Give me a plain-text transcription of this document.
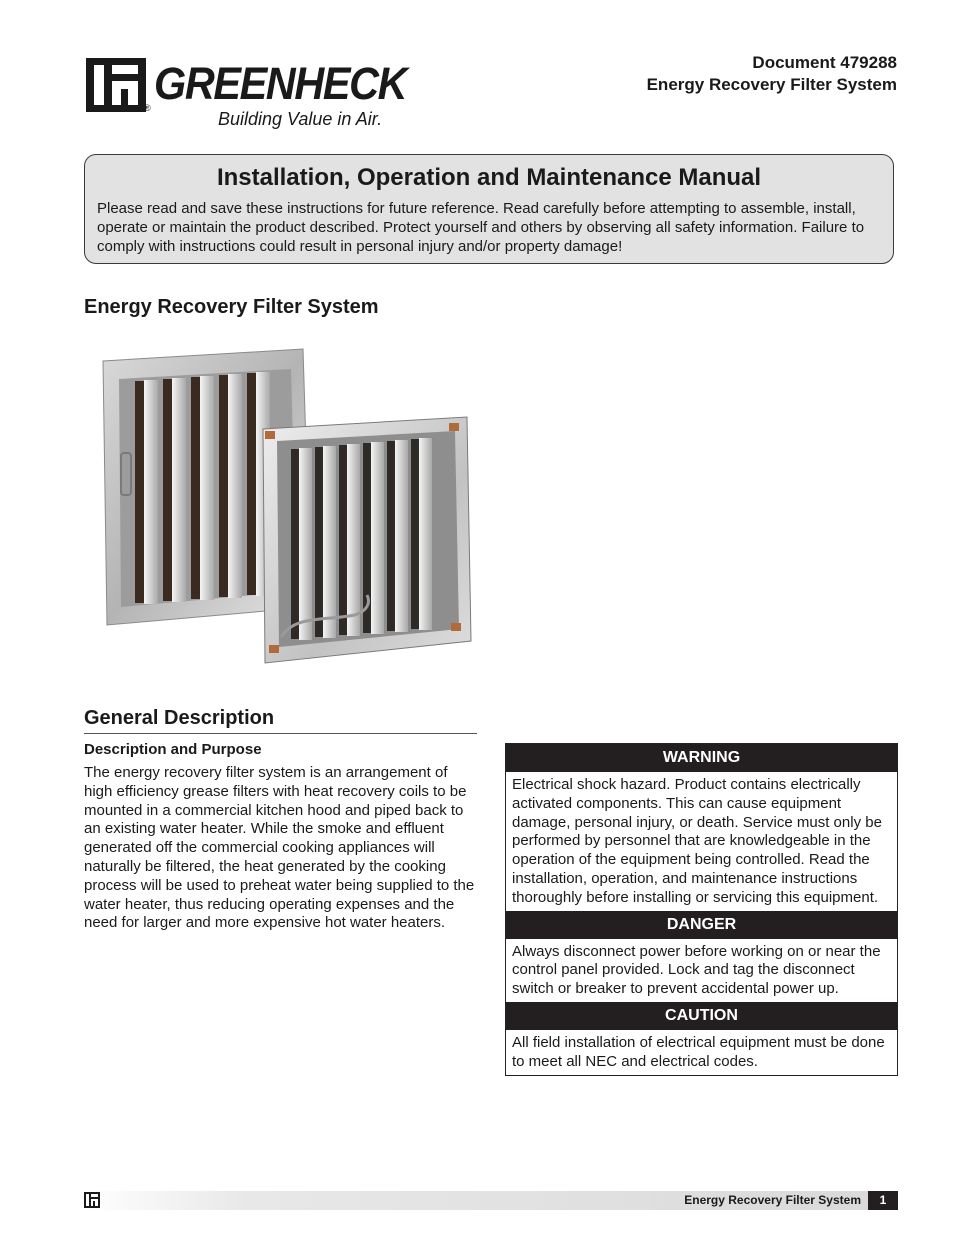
GREENHECK
®
Building Value in Air.
Document 479288
Energy Recovery Filter System
Installation, Operation and Maintenance Manual
Please read and save these instructions for future reference. Read carefully before attempting to assemble, install, operate or maintain the product described. Protect yourself and others by observing all safety information. Failure to comply with instructions could result in personal injury and/or property damage!
Energy Recovery Filter System
General Description
Description and Purpose
The energy recovery filter system is an arrangement of high efficiency grease filters with heat recovery coils to be mounted in a commercial kitchen hood and piped back to an existing water heater. While the smoke and effluent generated off the commercial cooking appliances will naturally be filtered, the heat generated by the cooking process will be used to preheat water being supplied to the water heater, thus reducing operating expenses and the need for larger and more expensive hot water heaters.
WARNING
Electrical shock hazard. Product contains electrically activated components. This can cause equipment damage, personal injury, or death. Service must only be performed by personnel that are knowledgeable in the operation of the equipment being controlled. Read the installation, operation, and maintenance instructions thoroughly before installing or servicing this equipment.
DANGER
Always disconnect power before working on or near the control panel provided. Lock and tag the disconnect switch or breaker to prevent accidental power up.
CAUTION
All field installation of electrical equipment must be done to meet all NEC and electrical codes.
Energy Recovery Filter System	1
